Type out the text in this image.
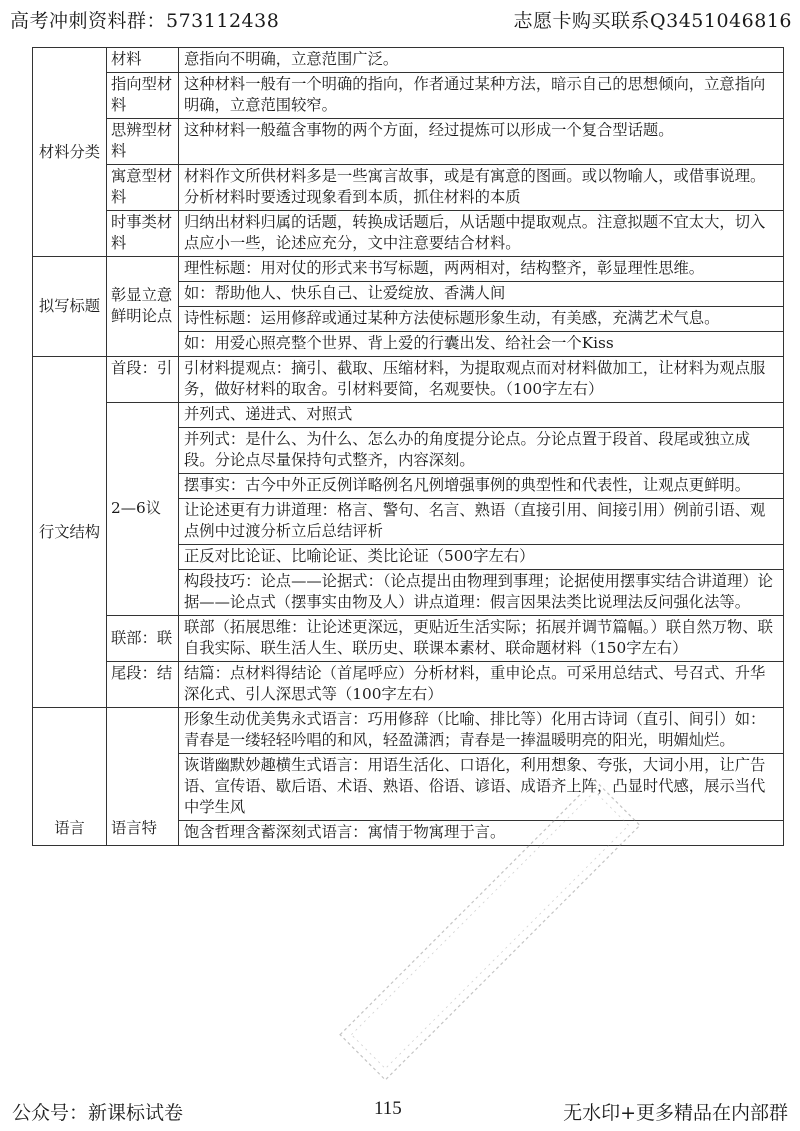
高考冲刺资料群：573112438	志愿卡购买联系Q3451046816
材料分类	材料	意指向不明确，立意范围广泛。
	指向型材料	这种材料一般有一个明确的指向，作者通过某种方法，暗示自己的思想倾向，立意指向明确，立意范围较窄。
	思辨型材料	这种材料一般蕴含事物的两个方面，经过提炼可以形成一个复合型话题。
	寓意型材料	材料作文所供材料多是一些寓言故事，或是有寓意的图画。或以物喻人，或借事说理。分析材料时要透过现象看到本质，抓住材料的本质
	时事类材料	归纳出材料归属的话题，转换成话题后，从话题中提取观点。注意拟题不宜太大，切入点应小一些，论述应充分，文中注意要结合材料。
拟写标题	彰显立意鲜明论点	理性标题：用对仗的形式来书写标题，两两相对，结构整齐，彰显理性思维。
		如：帮助他人、快乐自己、让爱绽放、香满人间
		诗性标题：运用修辞或通过某种方法使标题形象生动，有美感，充满艺术气息。
		如：用爱心照亮整个世界、背上爱的行囊出发、给社会一个Kiss
行文结构	首段：引	引材料提观点：摘引、截取、压缩材料，为提取观点而对材料做加工，让材料为观点服务，做好材料的取舍。引材料要简，名观要快。（100字左右）
	2—6议	并列式、递进式、对照式
		并列式：是什么、为什么、怎么办的角度提分论点。分论点置于段首、段尾或独立成段。分论点尽量保持句式整齐，内容深刻。
		摆事实：古今中外正反例详略例名凡例增强事例的典型性和代表性，让观点更鲜明。
		让论述更有力讲道理：格言、警句、名言、熟语（直接引用、间接引用）例前引语、观点例中过渡分析立后总结评析
		正反对比论证、比喻论证、类比论证（500字左右）
		构段技巧：论点——论据式：（论点提出由物理到事理；论据使用摆事实结合讲道理）论据——论点式（摆事实由物及人）讲点道理：假言因果法类比说理法反问强化法等。
	联部：联	联部（拓展思维：让论述更深远，更贴近生活实际；拓展并调节篇幅。）联自然万物、联自我实际、联生活人生、联历史、联课本素材、联命题材料（150字左右）
	尾段：结	结篇：点材料得结论（首尾呼应）分析材料，重申论点。可采用总结式、号召式、升华深化式、引人深思式等（100字左右）
语言	语言特	形象生动优美隽永式语言：巧用修辞（比喻、排比等）化用古诗词（直引、间引）如：青春是一缕轻轻吟唱的和风，轻盈潇洒；青春是一捧温暖明亮的阳光，明媚灿烂。
		诙谐幽默妙趣横生式语言：用语生活化、口语化，利用想象、夸张，大词小用，让广告语、宣传语、歇后语、术语、熟语、俗语、谚语、成语齐上阵，凸显时代感，展示当代中学生风
		饱含哲理含蓄深刻式语言：寓情于物寓理于言。
公众号：新课标试卷	115	无水印+更多精品在内部群
